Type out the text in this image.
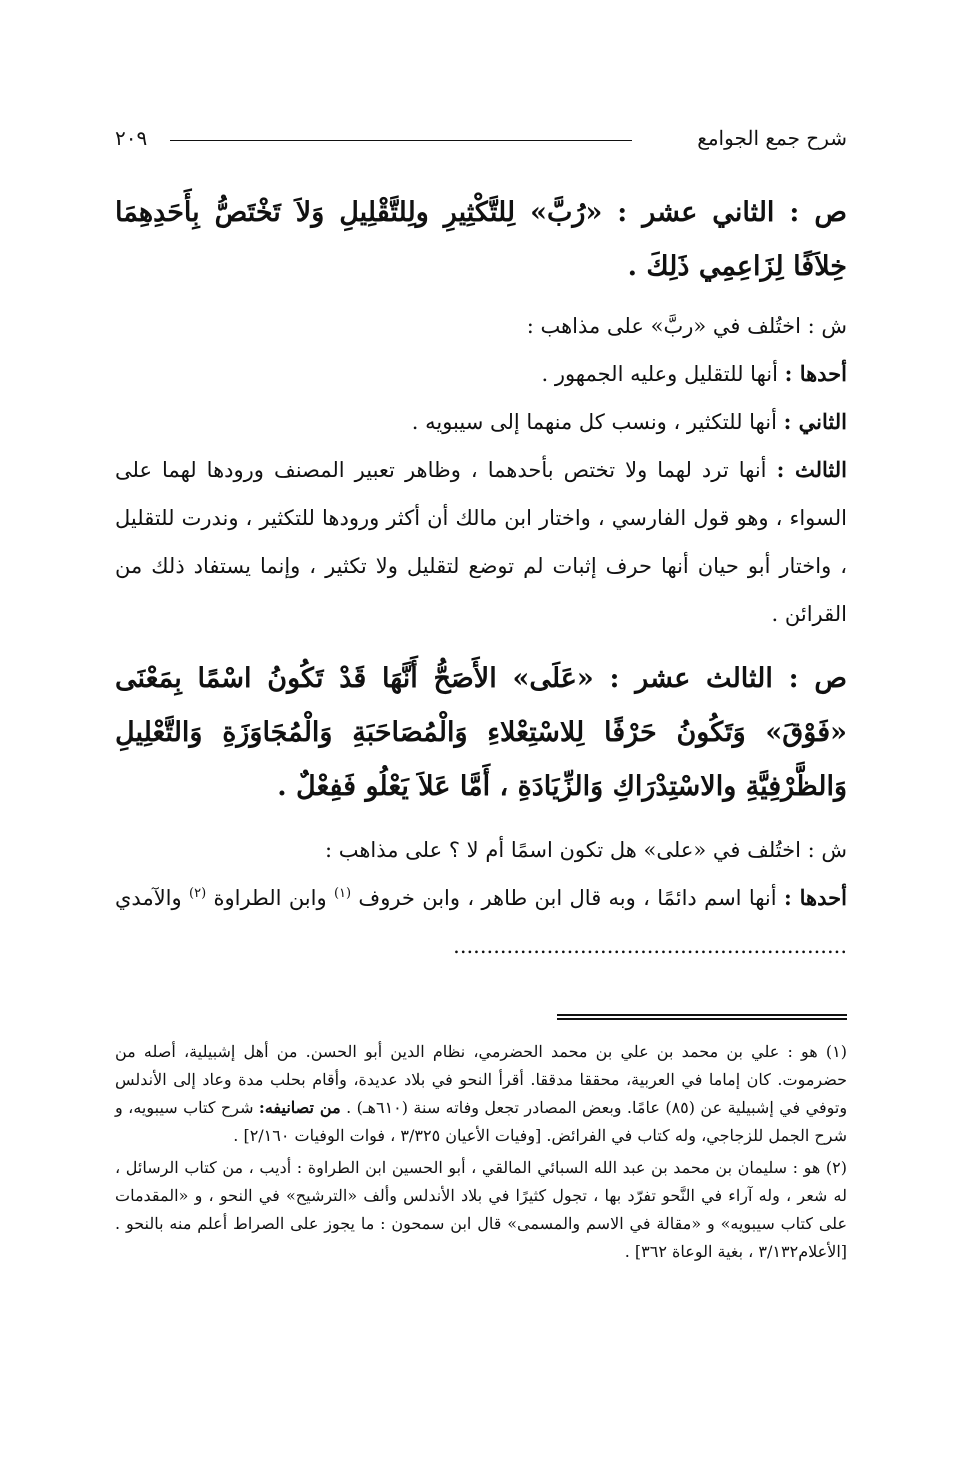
شرح جمع الجوامع
٢٠٩

ص : الثاني عشر : «رُبَّ» لِلتَّكْثِيرِ ولِلتَّقْلِيلِ وَلاَ تَخْتَصُّ بِأَحَدِهِمَا خِلاَفًا لِزَاعِمِي ذَلِكَ .

ش : اختُلف في «ربَّ» على مذاهب :

أحدها : أنها للتقليل وعليه الجمهور .

الثاني : أنها للتكثير ، ونسب كل منهما إلى سيبويه .

الثالث : أنها ترد لهما ولا تختص بأحدهما ، وظاهر تعبير المصنف ورودها لهما على السواء ، وهو قول الفارسي ، واختار ابن مالك أن أكثر ورودها للتكثير ، وندرت للتقليل ، واختار أبو حيان أنها حرف إثبات لم توضع لتقليل ولا تكثير ، وإنما يستفاد ذلك من القرائن .

ص : الثالث عشر : «عَلَى» الأَصَحُّ أَنَّهَا قَدْ تَكُونُ اسْمًا بِمَعْنَى «فَوْقَ» وَتَكُونُ حَرْفًا لِلاسْتِعْلاءِ وَالْمُصَاحَبَةِ وَالْمُجَاوَزَةِ وَالتَّعْلِيلِ وَالظَّرْفِيَّةِ والاسْتِدْرَاكِ وَالزِّيَادَةِ ، أَمَّا عَلاَ يَعْلُو فَفِعْلٌ .

ش : اختُلف في «على» هل تكون اسمًا أم لا ؟ على مذاهب :

أحدها : أنها اسم دائمًا ، وبه قال ابن طاهر ، وابن خروف $^{(١)}$ وابن الطراوة $^{(٢)}$ والآمدي ...........................................................

(١) هو : علي بن محمد بن علي بن محمد الحضرمي، نظام الدين أبو الحسن. من أهل إشبيلية، أصله من حضرموت. كان إماما في العربية، محققا مدققا. أقرأ النحو في بلاد عديدة، وأقام بحلب مدة وعاد إلى الأندلس وتوفي في إشبيلية عن (٨٥) عامًا. وبعض المصادر تجعل وفاته سنة (٦١٠هـ) . من تصانيفه: شرح كتاب سيبويه، و شرح الجمل للزجاجي، وله كتاب في الفرائض. [وفيات الأعيان ٣/٣٢٥ ، فوات الوفيات ٢/١٦٠] .

(٢) هو : سليمان بن محمد بن عبد الله السبائي المالقي ، أبو الحسين ابن الطراوة : أديب ، من كتاب الرسائل ، له شعر ، وله آراء في النَّحو تفرّد بها ، تجول كثيرًا في بلاد الأندلس وألف «الترشيح» في النحو ، و «المقدمات على كتاب سيبويه» و «مقالة في الاسم والمسمى» قال ابن سمحون : ما يجوز على الصراط أعلم منه بالنحو . [الأعلام٣/١٣٢ ، بغية الوعاة ٣٦٢] .
